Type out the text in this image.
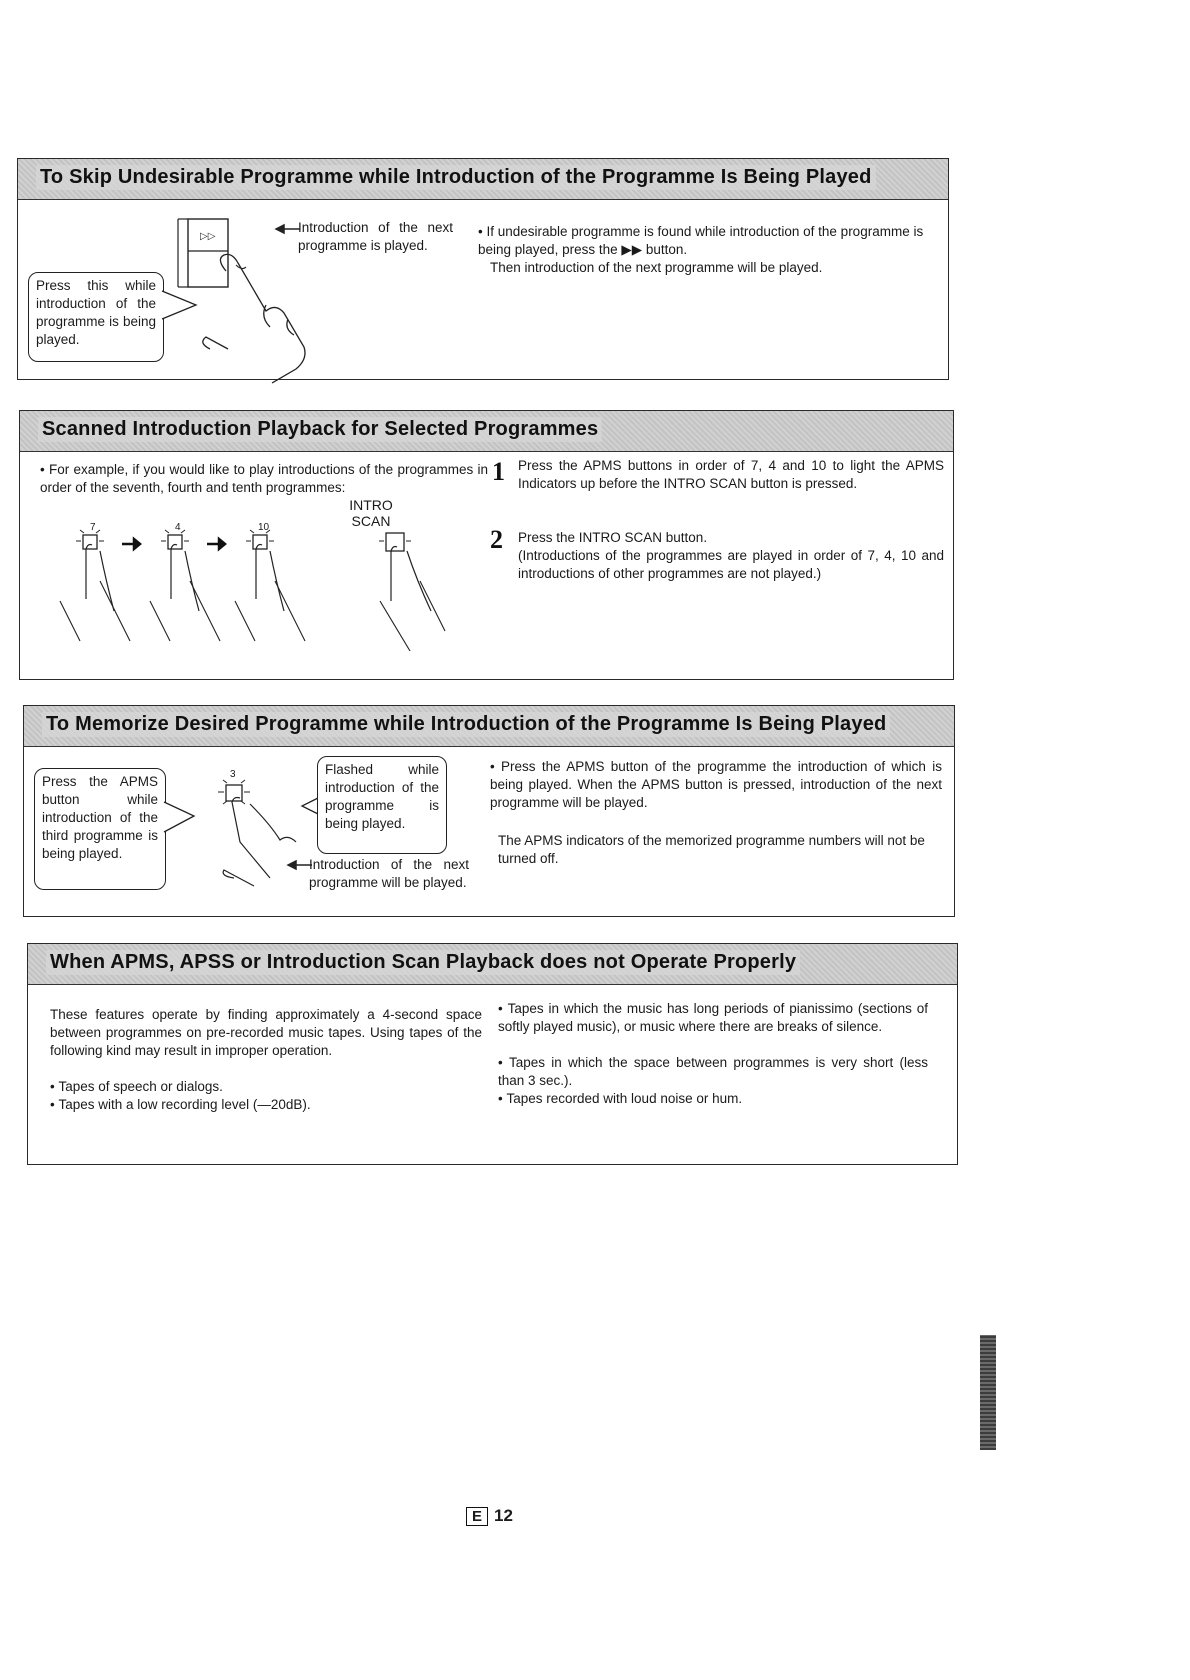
To Skip Undesirable Programme while Introduction of the Programme Is Being Played
▷▷
Press this while introduction of the programme is being played.
Introduction of the next programme is played.
• If undesirable programme is found while introduction of the programme is being played, press the ▶▶ button.
Then introduction of the next programme will be played.
Scanned Introduction Playback for Selected Programmes
• For example, if you would like to play introductions of the programmes in order of the seventh, fourth and tenth programmes:
7	4	10
INTRO SCAN
1 Press the APMS buttons in order of 7, 4 and 10 to light the APMS Indicators up before the INTRO SCAN button is pressed.
2 Press the INTRO SCAN button.
(Introductions of the programmes are played in order of 7, 4, 10 and introductions of other programmes are not played.)
To Memorize Desired Programme while Introduction of the Programme Is Being Played
Press the APMS button while introduction of the third programme is being played.
3	Flashed while introduction of the programme is being played.
Introduction of the next programme will be played.
• Press the APMS button of the programme the introduction of which is being played. When the APMS button is pressed, introduction of the next programme will be played.
The APMS indicators of the memorized programme numbers will not be turned off.
When APMS, APSS or Introduction Scan Playback does not Operate Properly
These features operate by finding approximately a 4-second space between programmes on pre-recorded music tapes. Using tapes of the following kind may result in improper operation.
• Tapes of speech or dialogs.
• Tapes with a low recording level (—20dB).
• Tapes in which the music has long periods of pianissimo (sections of softly played music), or music where there are breaks of silence.
• Tapes in which the space between programmes is very short (less than 3 sec.).
• Tapes recorded with loud noise or hum.
E 12
